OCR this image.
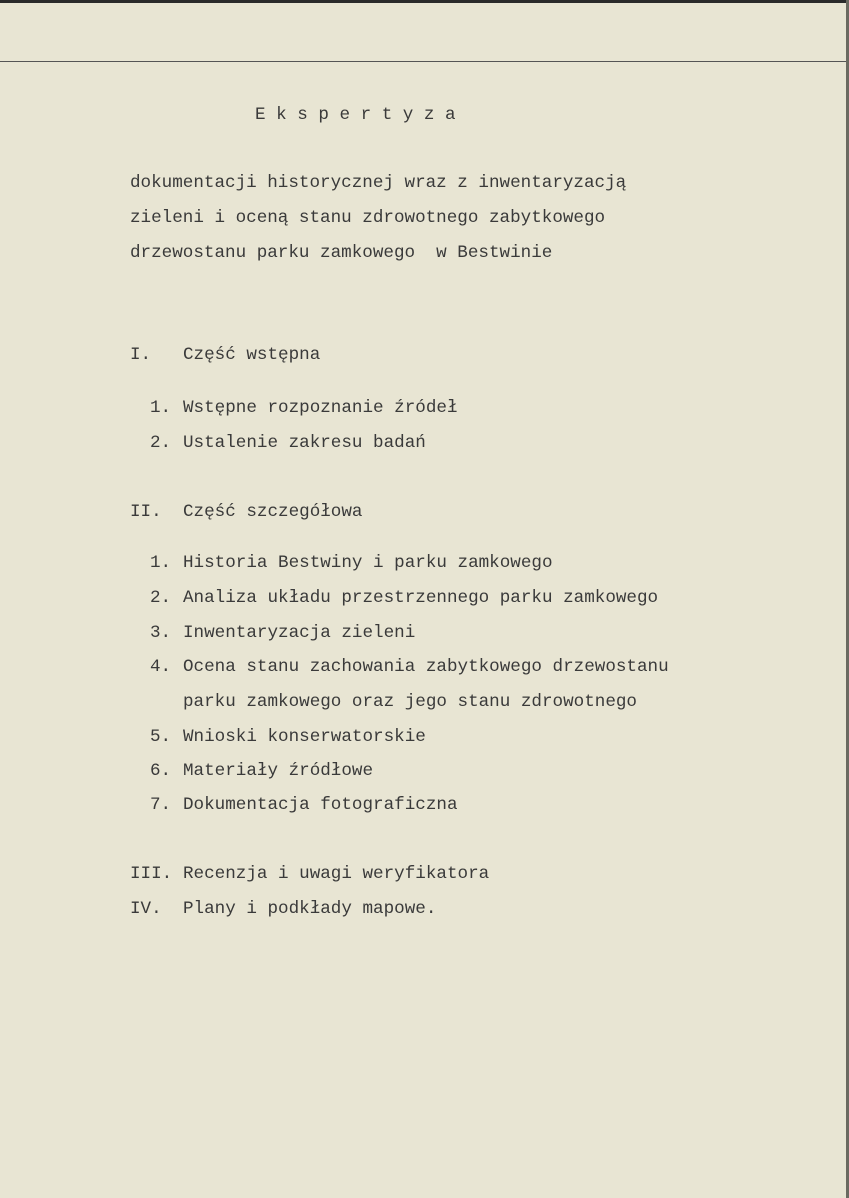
E k s p e r t y z a
dokumentacji historycznej wraz z inwentaryzacją
zieleni i oceną stanu zdrowotnego zabytkowego
drzewostanu parku zamkowego  w Bestwinie
I. Część wstępna
1. Wstępne rozpoznanie źródeł
2. Ustalenie zakresu badań
II. Część szczegółowa
1. Historia Bestwiny i parku zamkowego
2. Analiza układu przestrzennego parku zamkowego
3. Inwentaryzacja zieleni
4. Ocena stanu zachowania zabytkowego drzewostanu
parku zamkowego oraz jego stanu zdrowotnego
5. Wnioski konserwatorskie
6. Materiały źródłowe
7. Dokumentacja fotograficzna
III. Recenzja i uwagi weryfikatora
IV. Plany i podkłady mapowe.
